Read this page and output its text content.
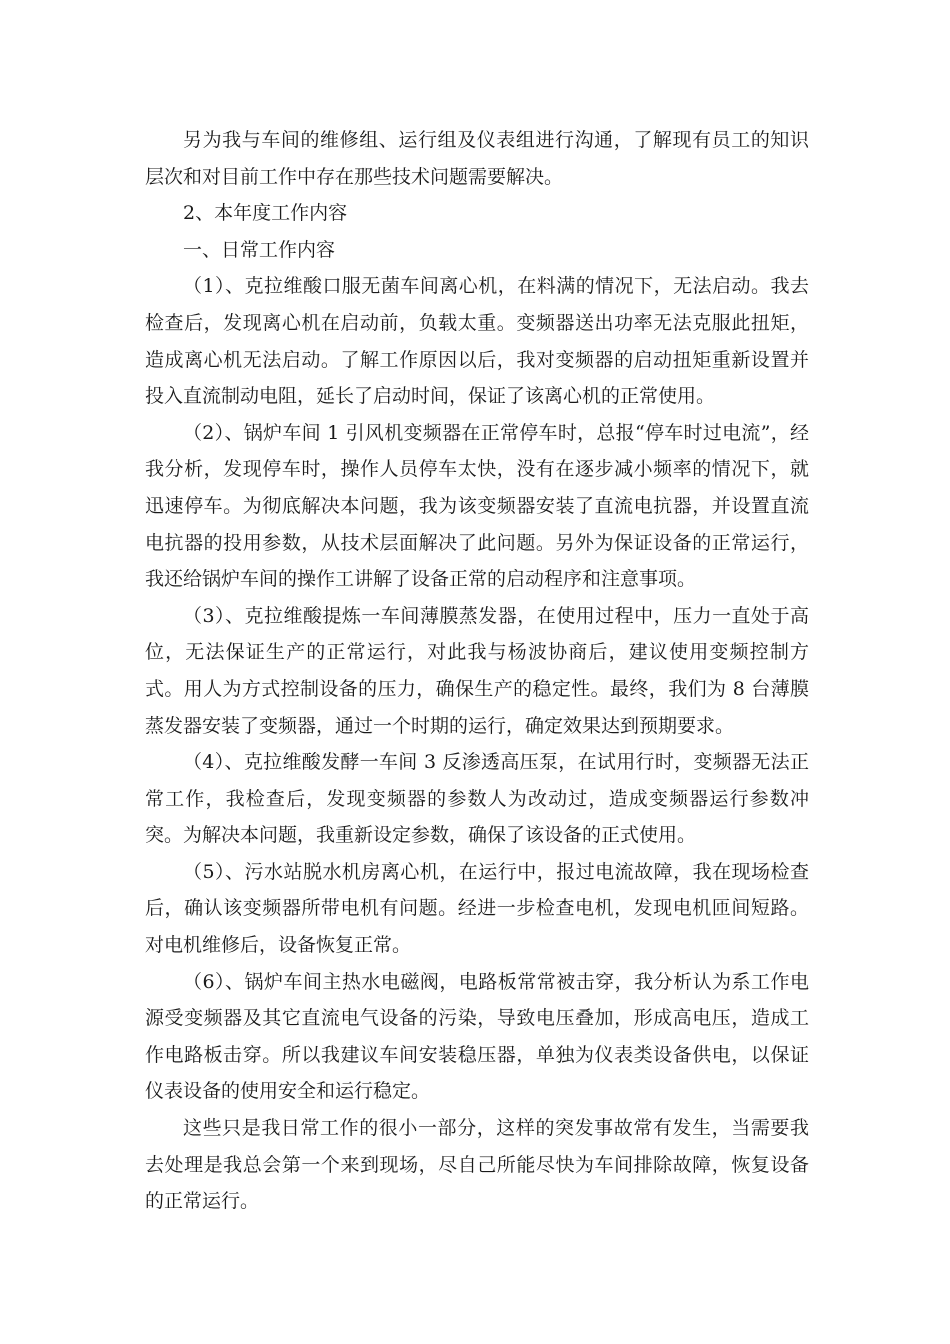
另为我与车间的维修组、运行组及仪表组进行沟通，了解现有员工的知识层次和对目前工作中存在那些技术问题需要解决。

2、本年度工作内容

一、日常工作内容

（1）、克拉维酸口服无菌车间离心机，在料满的情况下，无法启动。我去检查后，发现离心机在启动前，负载太重。变频器送出功率无法克服此扭矩，造成离心机无法启动。了解工作原因以后，我对变频器的启动扭矩重新设置并投入直流制动电阻，延长了启动时间，保证了该离心机的正常使用。

（2）、锅炉车间 1 引风机变频器在正常停车时，总报“停车时过电流”，经我分析，发现停车时，操作人员停车太快，没有在逐步减小频率的情况下，就迅速停车。为彻底解决本问题，我为该变频器安装了直流电抗器，并设置直流电抗器的投用参数，从技术层面解决了此问题。另外为保证设备的正常运行，我还给锅炉车间的操作工讲解了设备正常的启动程序和注意事项。

（3）、克拉维酸提炼一车间薄膜蒸发器，在使用过程中，压力一直处于高位，无法保证生产的正常运行，对此我与杨波协商后，建议使用变频控制方式。用人为方式控制设备的压力，确保生产的稳定性。最终，我们为 8 台薄膜蒸发器安装了变频器，通过一个时期的运行，确定效果达到预期要求。

（4）、克拉维酸发酵一车间 3 反渗透高压泵，在试用行时，变频器无法正常工作，我检查后，发现变频器的参数人为改动过，造成变频器运行参数冲突。为解决本问题，我重新设定参数，确保了该设备的正式使用。

（5）、污水站脱水机房离心机，在运行中，报过电流故障，我在现场检查后，确认该变频器所带电机有问题。经进一步检查电机，发现电机匝间短路。对电机维修后，设备恢复正常。

（6）、锅炉车间主热水电磁阀，电路板常常被击穿，我分析认为系工作电源受变频器及其它直流电气设备的污染，导致电压叠加，形成高电压，造成工作电路板击穿。所以我建议车间安装稳压器，单独为仪表类设备供电，以保证仪表设备的使用安全和运行稳定。

这些只是我日常工作的很小一部分，这样的突发事故常有发生，当需要我去处理是我总会第一个来到现场，尽自己所能尽快为车间排除故障，恢复设备的正常运行。
